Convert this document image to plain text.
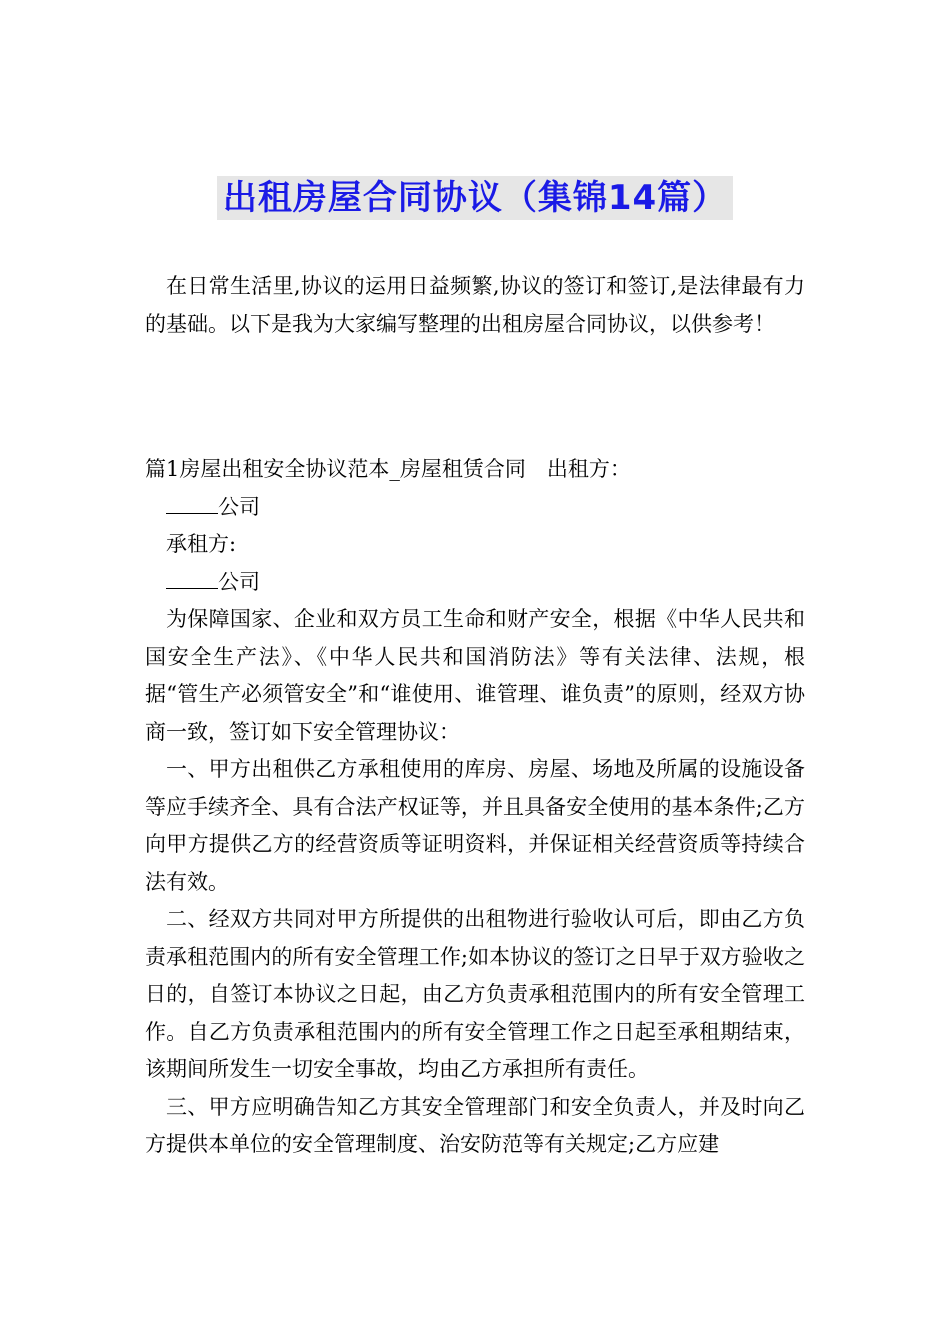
出租房屋合同协议（集锦14篇）

在日常生活里,协议的运用日益频繁,协议的签订和签订,是法律最有力的基础。以下是我为大家编写整理的出租房屋合同协议，以供参考！

篇1房屋出租安全协议范本_房屋租赁合同　出租方：

公司

承租方:

公司

为保障国家、企业和双方员工生命和财产安全，根据《中华人民共和国安全生产法》、《中华人民共和国消防法》等有关法律、法规，根据“管生产必须管安全”和“谁使用、谁管理、谁负责”的原则，经双方协商一致，签订如下安全管理协议：

一、甲方出租供乙方承租使用的库房、房屋、场地及所属的设施设备等应手续齐全、具有合法产权证等，并且具备安全使用的基本条件;乙方向甲方提供乙方的经营资质等证明资料，并保证相关经营资质等持续合法有效。

二、经双方共同对甲方所提供的出租物进行验收认可后，即由乙方负责承租范围内的所有安全管理工作;如本协议的签订之日早于双方验收之日的，自签订本协议之日起，由乙方负责承租范围内的所有安全管理工作。自乙方负责承租范围内的所有安全管理工作之日起至承租期结束，该期间所发生一切安全事故，均由乙方承担所有责任。

三、甲方应明确告知乙方其安全管理部门和安全负责人，并及时向乙方提供本单位的安全管理制度、治安防范等有关规定;乙方应建
